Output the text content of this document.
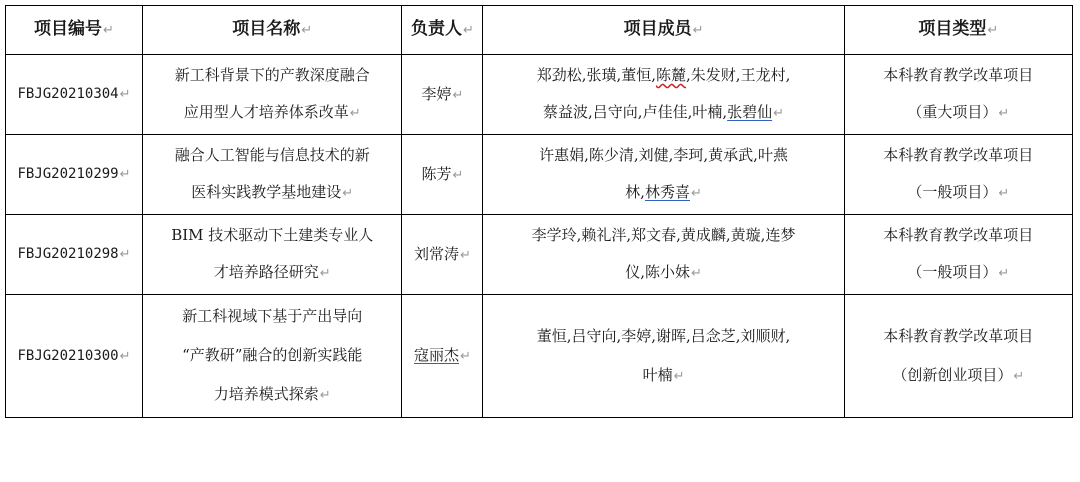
项目编号↵	项目名称↵	负责人↵	项目成员↵	项目类型↵
FBJG20210304↵	新工科背景下的产教深度融合
应用型人才培养体系改革↵	李婷↵	郑劲松,张璜,董恒,陈麓,朱发财,王龙村,
蔡益波,吕守向,卢佳佳,叶楠,张碧仙↵	本科教育教学改革项目
（重大项目）↵

FBJG20210299↵	融合人工智能与信息技术的新
医科实践教学基地建设↵	陈芳↵	许惠娟,陈少清,刘健,李珂,黄承武,叶燕
林,林秀喜↵	本科教育教学改革项目
（一般项目）↵

FBJG20210298↵	BIM 技术驱动下土建类专业人
才培养路径研究↵	刘常涛↵	李学玲,赖礼泮,郑文春,黄成麟,黄璇,连梦
仪,陈小妹↵	本科教育教学改革项目
（一般项目）↵

FBJG20210300↵	新工科视域下基于产出导向
“产教研”融合的创新实践能
力培养模式探索↵	寇丽杰↵	董恒,吕守向,李婷,谢晖,吕念芝,刘顺财,
叶楠↵	本科教育教学改革项目
（创新创业项目）↵
